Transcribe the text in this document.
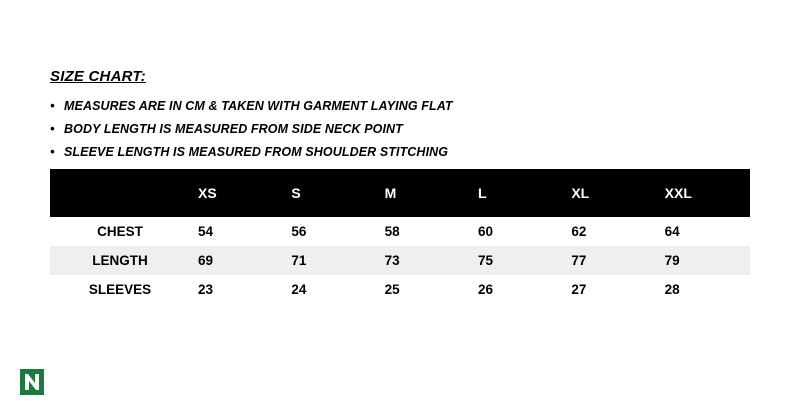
SIZE CHART:
• MEASURES ARE IN CM & TAKEN WITH GARMENT LAYING FLAT
• BODY LENGTH IS MEASURED FROM SIDE NECK POINT
• SLEEVE LENGTH IS MEASURED FROM SHOULDER STITCHING
	XS	S	M	L	XL	XXL
CHEST	54	56	58	60	62	64
LENGTH	69	71	73	75	77	79
SLEEVES	23	24	25	26	27	28
